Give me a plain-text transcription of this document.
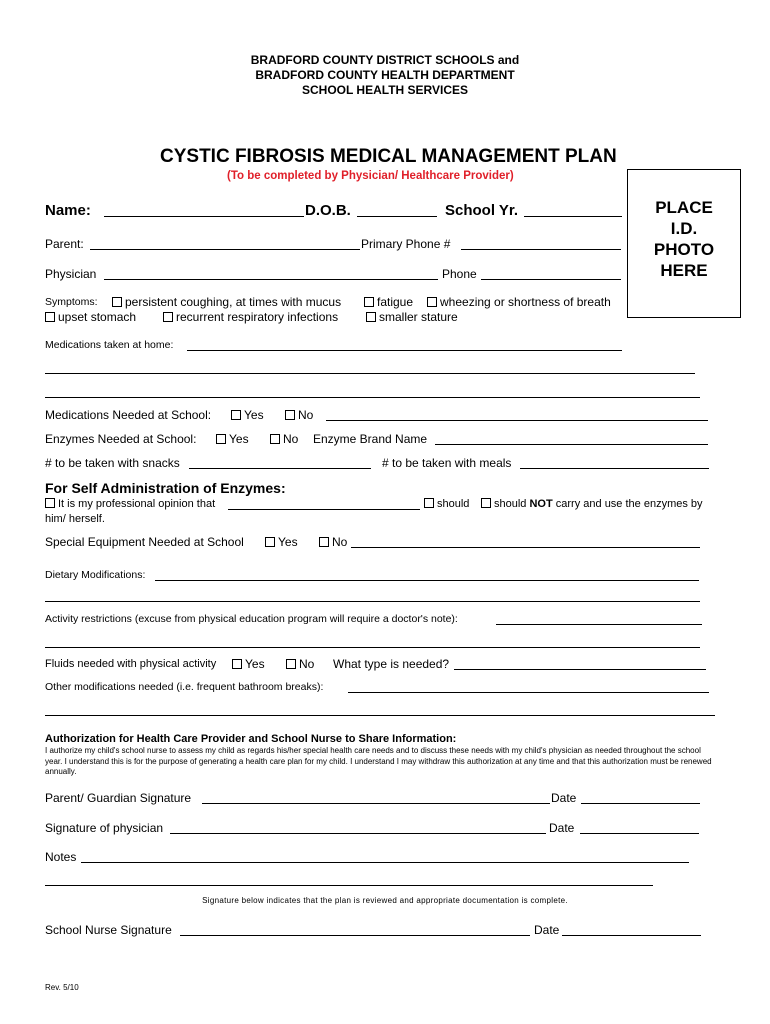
BRADFORD COUNTY DISTRICT SCHOOLS and
BRADFORD COUNTY HEALTH DEPARTMENT
SCHOOL HEALTH SERVICES
CYSTIC FIBROSIS MEDICAL MANAGEMENT PLAN
(To be completed by Physician/ Healthcare Provider)
PLACE
I.D.
PHOTO
HERE
Name:	D.O.B.	School Yr.
Parent:	Primary Phone #
Physician	Phone
Symptoms:	persistent coughing, at times with mucus	fatigue	wheezing or shortness of breath
upset stomach	recurrent respiratory infections	smaller stature
Medications taken at home:
Medications Needed at School:	Yes	No
Enzymes Needed at School:	Yes	No Enzyme Brand Name
# to be taken with snacks	# to be taken with meals
For Self Administration of Enzymes:
It is my professional opinion that	should	should NOT carry and use the enzymes by
him/ herself.
Special Equipment Needed at School	Yes	No
Dietary Modifications:
Activity restrictions (excuse from physical education program will require a doctor's note):
Fluids needed with physical activity	Yes	No What type is needed?
Other modifications needed (i.e. frequent bathroom breaks):
Authorization for Health Care Provider and School Nurse to Share Information:
I authorize my child's school nurse to assess my child as regards his/her special health care needs and to discuss these needs with my child's physician as needed throughout the school year. I understand this is for the purpose of generating a health care plan for my child. I understand I may withdraw this authorization at any time and that this authorization must be renewed annually.
Parent/ Guardian Signature	Date
Signature of physician	Date
Notes
Signature below indicates that the plan is reviewed and appropriate documentation is complete.
School Nurse Signature	Date
Rev. 5/10
